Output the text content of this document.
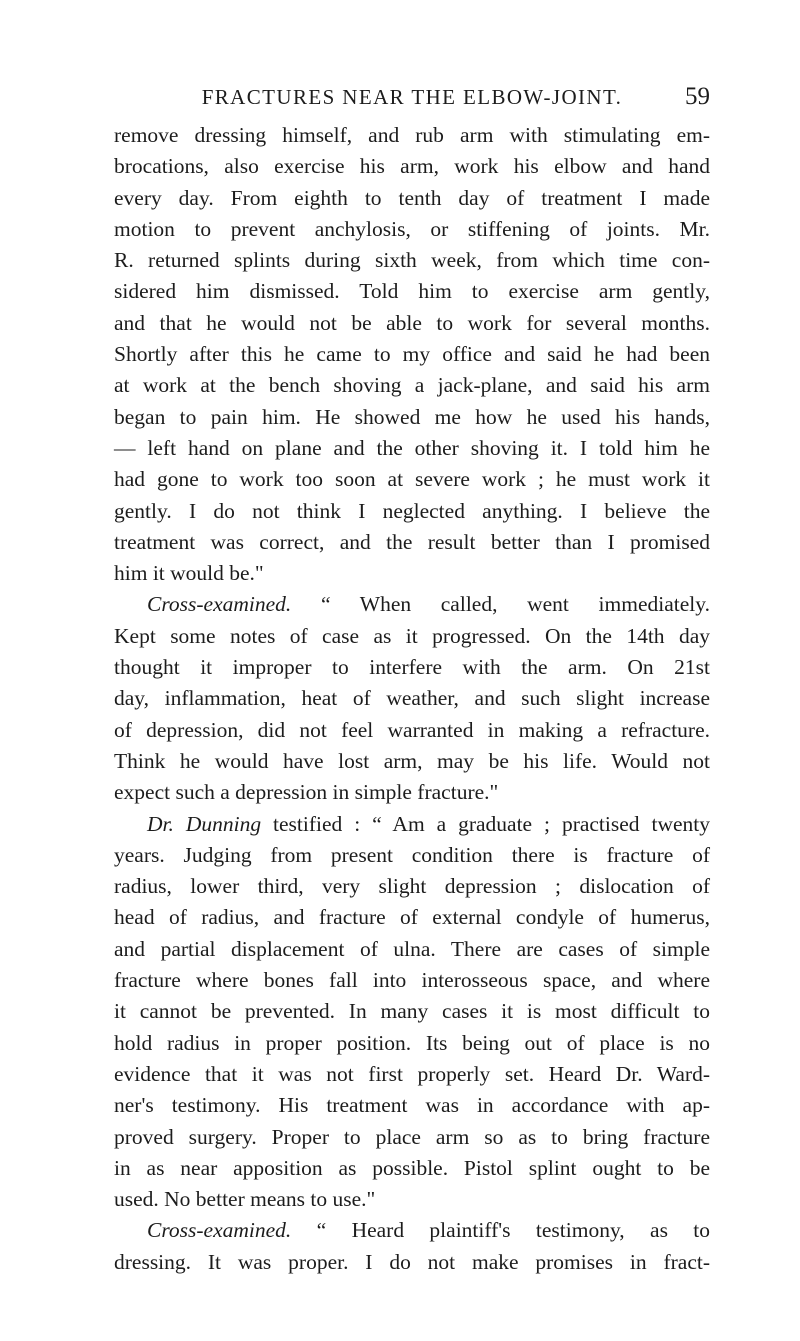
FRACTURES NEAR THE ELBOW-JOINT.	59
remove dressing himself, and rub arm with stimulating em-
brocations, also exercise his arm, work his elbow and hand
every day. From eighth to tenth day of treatment I made
motion to prevent anchylosis, or stiffening of joints. Mr.
R. returned splints during sixth week, from which time con-
sidered him dismissed. Told him to exercise arm gently,
and that he would not be able to work for several months.
Shortly after this he came to my office and said he had been
at work at the bench shoving a jack-plane, and said his arm
began to pain him. He showed me how he used his hands,
— left hand on plane and the other shoving it. I told him he
had gone to work too soon at severe work ; he must work it
gently. I do not think I neglected anything. I believe the
treatment was correct, and the result better than I promised
him it would be."
Cross-examined. “ When called, went immediately.
Kept some notes of case as it progressed. On the 14th day
thought it improper to interfere with the arm. On 21st
day, inflammation, heat of weather, and such slight increase
of depression, did not feel warranted in making a refracture.
Think he would have lost arm, may be his life. Would not
expect such a depression in simple fracture."
Dr. Dunning testified : “ Am a graduate ; practised twenty
years. Judging from present condition there is fracture of
radius, lower third, very slight depression ; dislocation of
head of radius, and fracture of external condyle of humerus,
and partial displacement of ulna. There are cases of simple
fracture where bones fall into interosseous space, and where
it cannot be prevented. In many cases it is most difficult to
hold radius in proper position. Its being out of place is no
evidence that it was not first properly set. Heard Dr. Ward-
ner's testimony. His treatment was in accordance with ap-
proved surgery. Proper to place arm so as to bring fracture
in as near apposition as possible. Pistol splint ought to be
used. No better means to use."
Cross-examined. “ Heard plaintiff's testimony, as to
dressing. It was proper. I do not make promises in fract-
